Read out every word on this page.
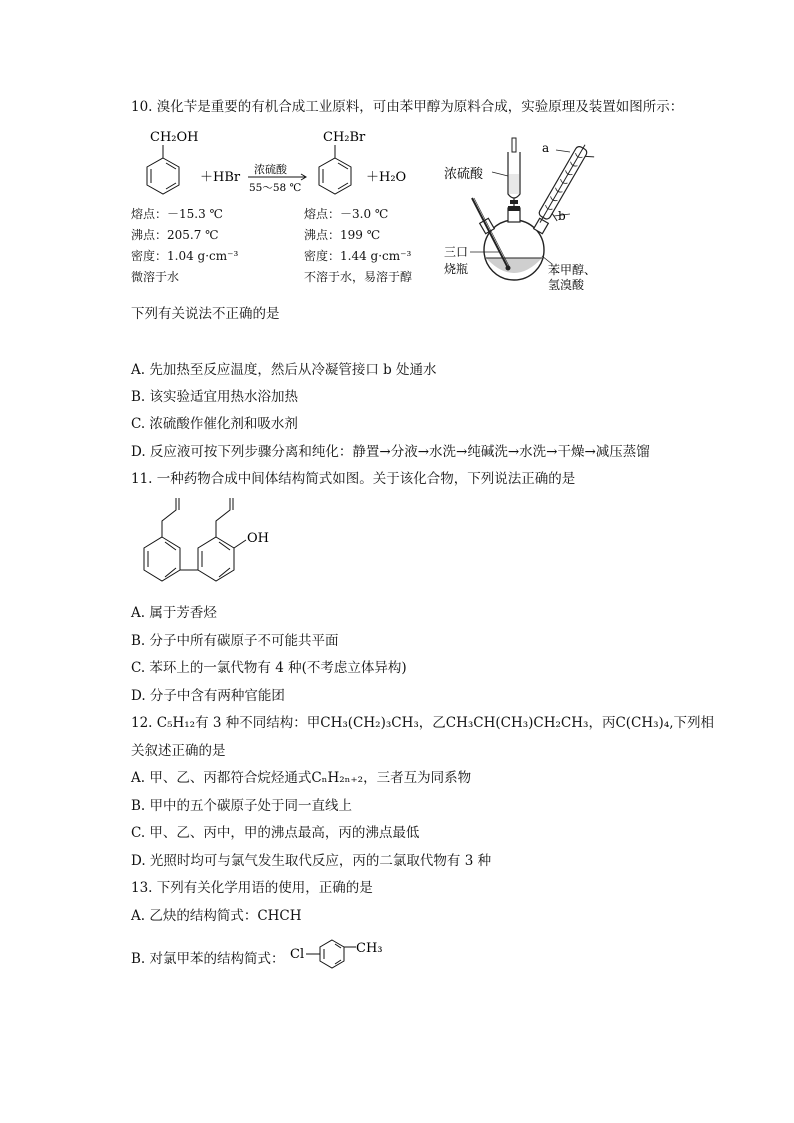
10. 溴化苄是重要的有机合成工业原料，可由苯甲醇为原料合成，实验原理及装置如图所示：
CH₂OH
＋HBr
浓硫酸
55～58 ℃
CH₂Br
＋H₂O
熔点：－15.3 ℃
沸点：205.7 ℃
密度：1.04 g·cm⁻³
微溶于水
熔点：－3.0 ℃
沸点：199 ℃
密度：1.44 g·cm⁻³
不溶于水，易溶于醇
浓硫酸
a
b
三口
烧瓶	苯甲醇、
氢溴酸
下列有关说法不正确的是
A. 先加热至反应温度，然后从冷凝管接口 b 处通水
B. 该实验适宜用热水浴加热
C. 浓硫酸作催化剂和吸水剂
D. 反应液可按下列步骤分离和纯化：静置→分液→水洗→纯碱洗→水洗→干燥→减压蒸馏
11. 一种药物合成中间体结构简式如图。关于该化合物，下列说法正确的是
OH
A. 属于芳香烃
B. 分子中所有碳原子不可能共平面
C. 苯环上的一氯代物有 4 种(不考虑立体异构)
D. 分子中含有两种官能团
12. C₅H₁₂有 3 种不同结构：甲CH₃(CH₂)₃CH₃，乙CH₃CH(CH₃)CH₂CH₃，丙C(CH₃)₄,下列相
关叙述正确的是
A. 甲、乙、丙都符合烷烃通式CₙH₂ₙ₊₂，三者互为同系物
B. 甲中的五个碳原子处于同一直线上
C. 甲、乙、丙中，甲的沸点最高，丙的沸点最低
D. 光照时均可与氯气发生取代反应，丙的二氯取代物有 3 种
13. 下列有关化学用语的使用，正确的是
A. 乙炔的结构简式：CHCH
B. 对氯甲苯的结构简式： Cl	CH₃
